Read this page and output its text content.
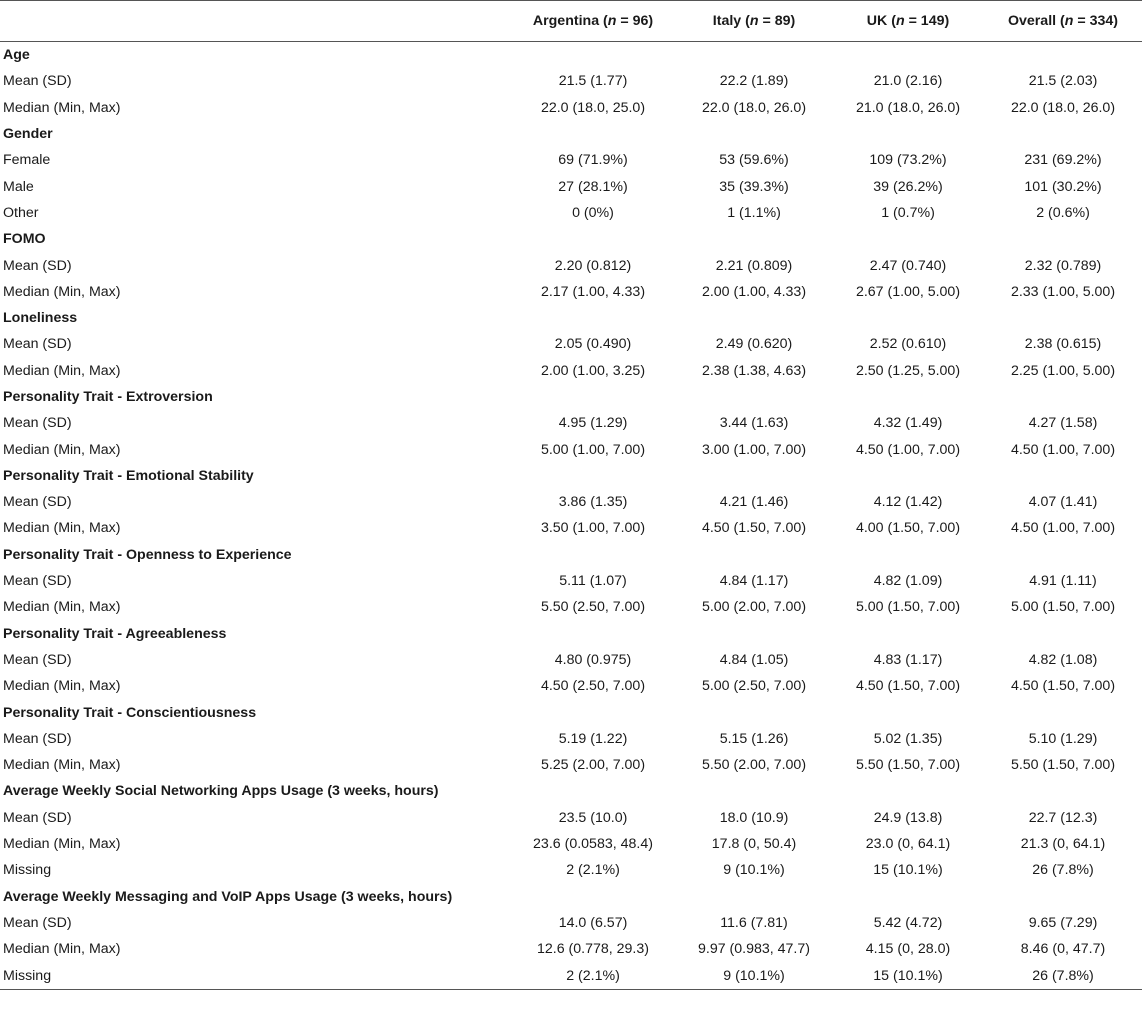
	Argentina (n = 96)	Italy (n = 89)	UK (n = 149)	Overall (n = 334)
Age				
Mean (SD)	21.5 (1.77)	22.2 (1.89)	21.0 (2.16)	21.5 (2.03)
Median (Min, Max)	22.0 (18.0, 25.0)	22.0 (18.0, 26.0)	21.0 (18.0, 26.0)	22.0 (18.0, 26.0)
Gender				
Female	69 (71.9%)	53 (59.6%)	109 (73.2%)	231 (69.2%)
Male	27 (28.1%)	35 (39.3%)	39 (26.2%)	101 (30.2%)
Other	0 (0%)	1 (1.1%)	1 (0.7%)	2 (0.6%)
FOMO				
Mean (SD)	2.20 (0.812)	2.21 (0.809)	2.47 (0.740)	2.32 (0.789)
Median (Min, Max)	2.17 (1.00, 4.33)	2.00 (1.00, 4.33)	2.67 (1.00, 5.00)	2.33 (1.00, 5.00)
Loneliness				
Mean (SD)	2.05 (0.490)	2.49 (0.620)	2.52 (0.610)	2.38 (0.615)
Median (Min, Max)	2.00 (1.00, 3.25)	2.38 (1.38, 4.63)	2.50 (1.25, 5.00)	2.25 (1.00, 5.00)
Personality Trait - Extroversion				
Mean (SD)	4.95 (1.29)	3.44 (1.63)	4.32 (1.49)	4.27 (1.58)
Median (Min, Max)	5.00 (1.00, 7.00)	3.00 (1.00, 7.00)	4.50 (1.00, 7.00)	4.50 (1.00, 7.00)
Personality Trait - Emotional Stability				
Mean (SD)	3.86 (1.35)	4.21 (1.46)	4.12 (1.42)	4.07 (1.41)
Median (Min, Max)	3.50 (1.00, 7.00)	4.50 (1.50, 7.00)	4.00 (1.50, 7.00)	4.50 (1.00, 7.00)
Personality Trait - Openness to Experience				
Mean (SD)	5.11 (1.07)	4.84 (1.17)	4.82 (1.09)	4.91 (1.11)
Median (Min, Max)	5.50 (2.50, 7.00)	5.00 (2.00, 7.00)	5.00 (1.50, 7.00)	5.00 (1.50, 7.00)
Personality Trait - Agreeableness				
Mean (SD)	4.80 (0.975)	4.84 (1.05)	4.83 (1.17)	4.82 (1.08)
Median (Min, Max)	4.50 (2.50, 7.00)	5.00 (2.50, 7.00)	4.50 (1.50, 7.00)	4.50 (1.50, 7.00)
Personality Trait - Conscientiousness				
Mean (SD)	5.19 (1.22)	5.15 (1.26)	5.02 (1.35)	5.10 (1.29)
Median (Min, Max)	5.25 (2.00, 7.00)	5.50 (2.00, 7.00)	5.50 (1.50, 7.00)	5.50 (1.50, 7.00)
Average Weekly Social Networking Apps Usage (3 weeks, hours)				
Mean (SD)	23.5 (10.0)	18.0 (10.9)	24.9 (13.8)	22.7 (12.3)
Median (Min, Max)	23.6 (0.0583, 48.4)	17.8 (0, 50.4)	23.0 (0, 64.1)	21.3 (0, 64.1)
Missing	2 (2.1%)	9 (10.1%)	15 (10.1%)	26 (7.8%)
Average Weekly Messaging and VoIP Apps Usage (3 weeks, hours)				
Mean (SD)	14.0 (6.57)	11.6 (7.81)	5.42 (4.72)	9.65 (7.29)
Median (Min, Max)	12.6 (0.778, 29.3)	9.97 (0.983, 47.7)	4.15 (0, 28.0)	8.46 (0, 47.7)
Missing	2 (2.1%)	9 (10.1%)	15 (10.1%)	26 (7.8%)
